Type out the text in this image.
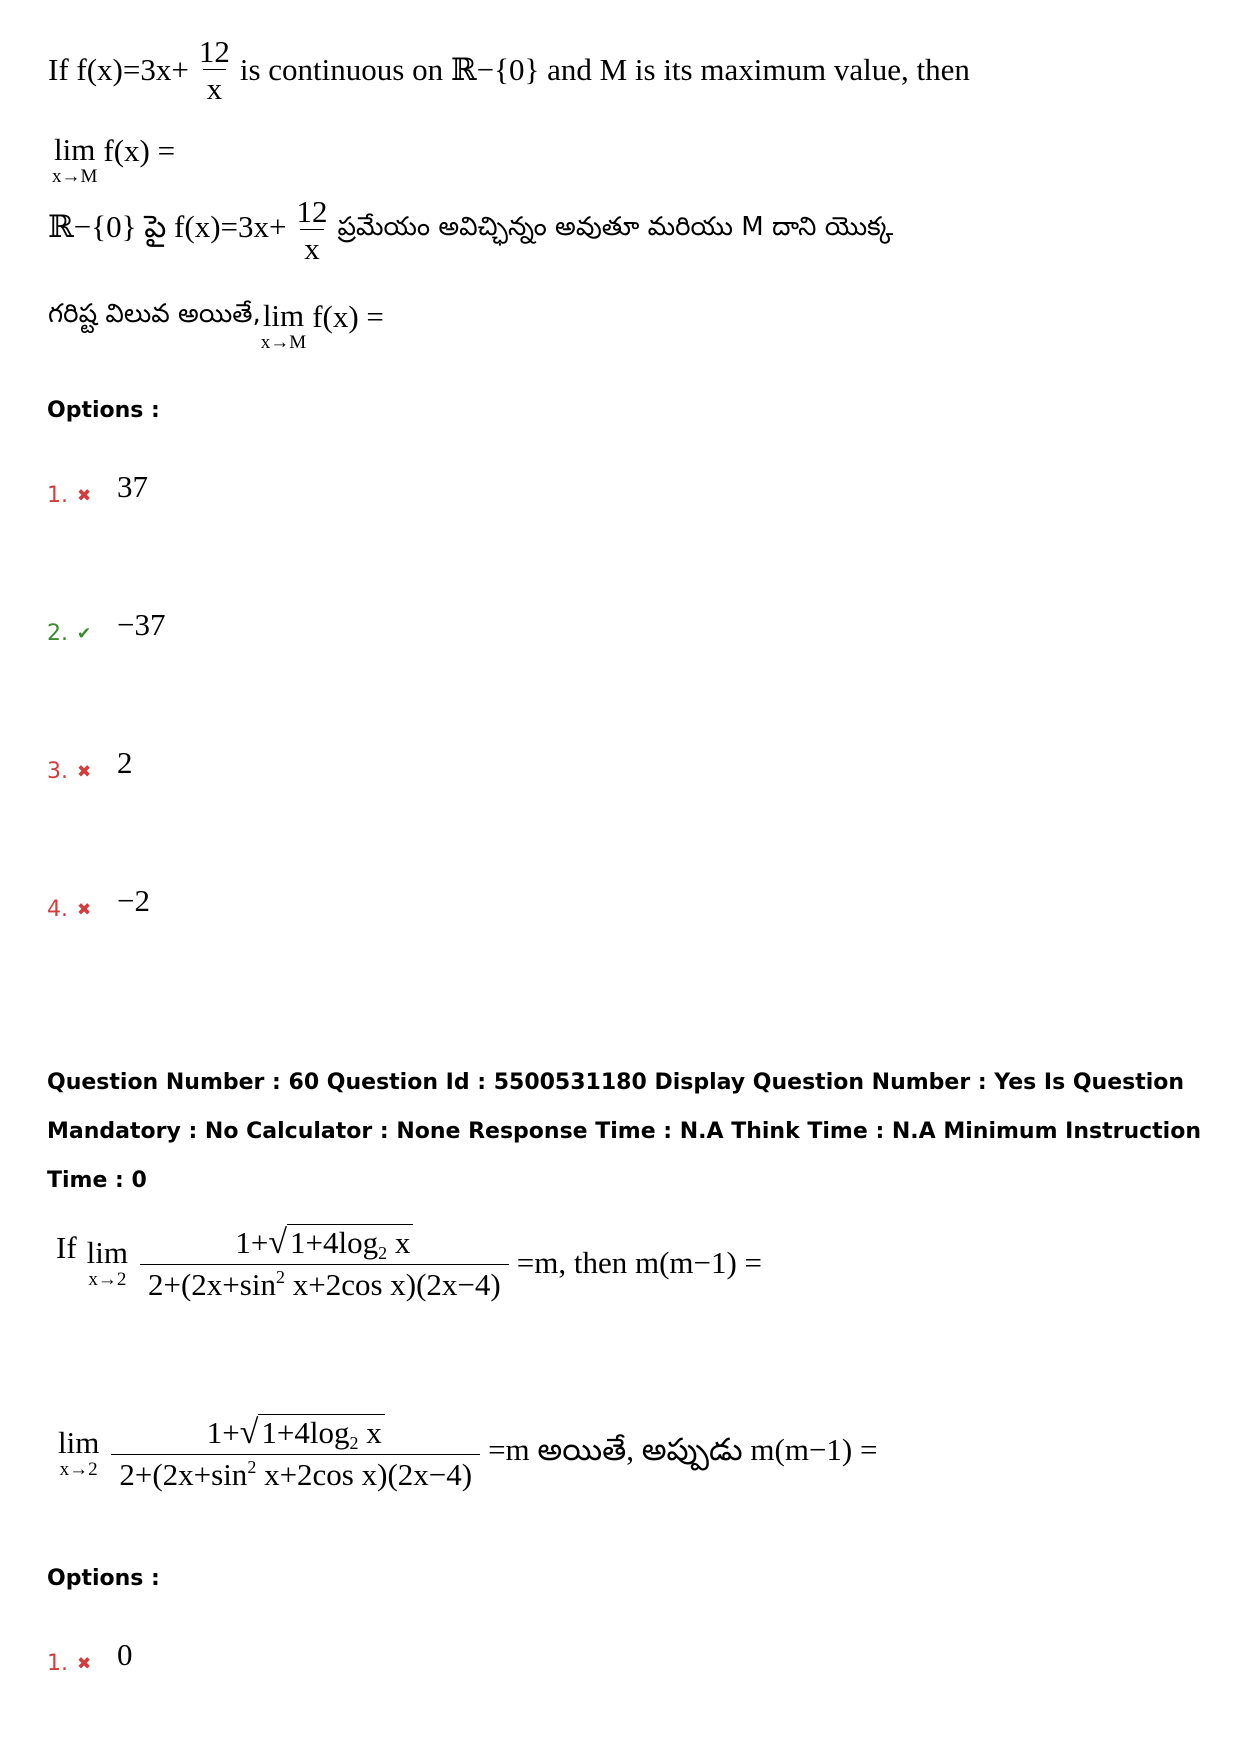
If $f(x)=3x+ \frac{12}{x}$ is continuous on ℝ−{0} and M is its maximum value, then
lim
x→M
f(x) =
ℝ−{0} పై $f(x)=3x+ \frac{12}{x}$ ప్రమేయం అవిచ్ఛిన్నం అవుతూ మరియు M దాని యొక్క
గరిష్ట విలువ అయితే, lim
x→M
f(x) =
Options :
1. ✖ 37
2. ✔ −37
3. ✖ 2
4. ✖ −2
Question Number : 60 Question Id : 5500531180 Display Question Number : Yes Is Question Mandatory : No Calculator : None Response Time : N.A Think Time : N.A Minimum Instruction Time : 0
If lim
$x\to 2 \frac{1+√1+4\log_2 x}{2+(2x+\sin^2 x+2\cos x)(2x-4)} =m$, then m(m−1) =
lim
$x\to 2 \frac{1+√1+4\log_2 x}{2+(2x+\sin^2 x+2\cos x)(2x-4)} =m$ అయితే, అప్పుడు m(m−1) =
Options :
1. ✖ 0
